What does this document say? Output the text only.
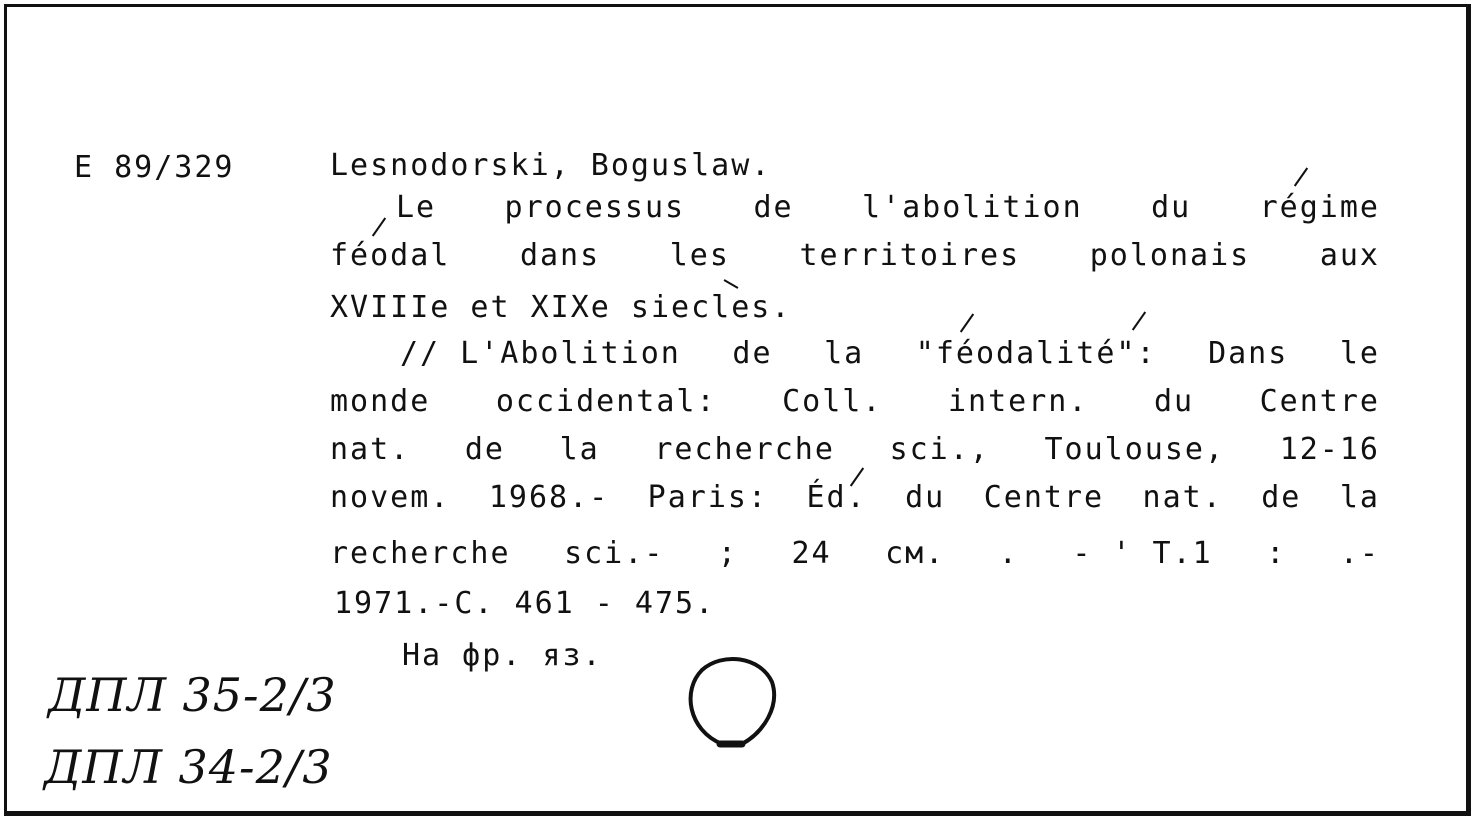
E 89/329	Lesnodorski, Boguslaw.
Le processus de l'abolition du régime
féodal dans les territoires polonais aux
XVIIIe et XIXe siecles.
// L'Abolition de la "féodalité": Dans le
monde occidental: Coll. intern. du Centre
nat. de la recherche sci., Toulouse, 12-16
novem. 1968.- Paris: Éd. du Centre nat. de la
recherche sci.- ; 24 см. . - ' Т.1 : .-
1971.-С. 461 - 475.
На фр. яз.
ДПЛ 35-2/3
ДПЛ 34-2/3
